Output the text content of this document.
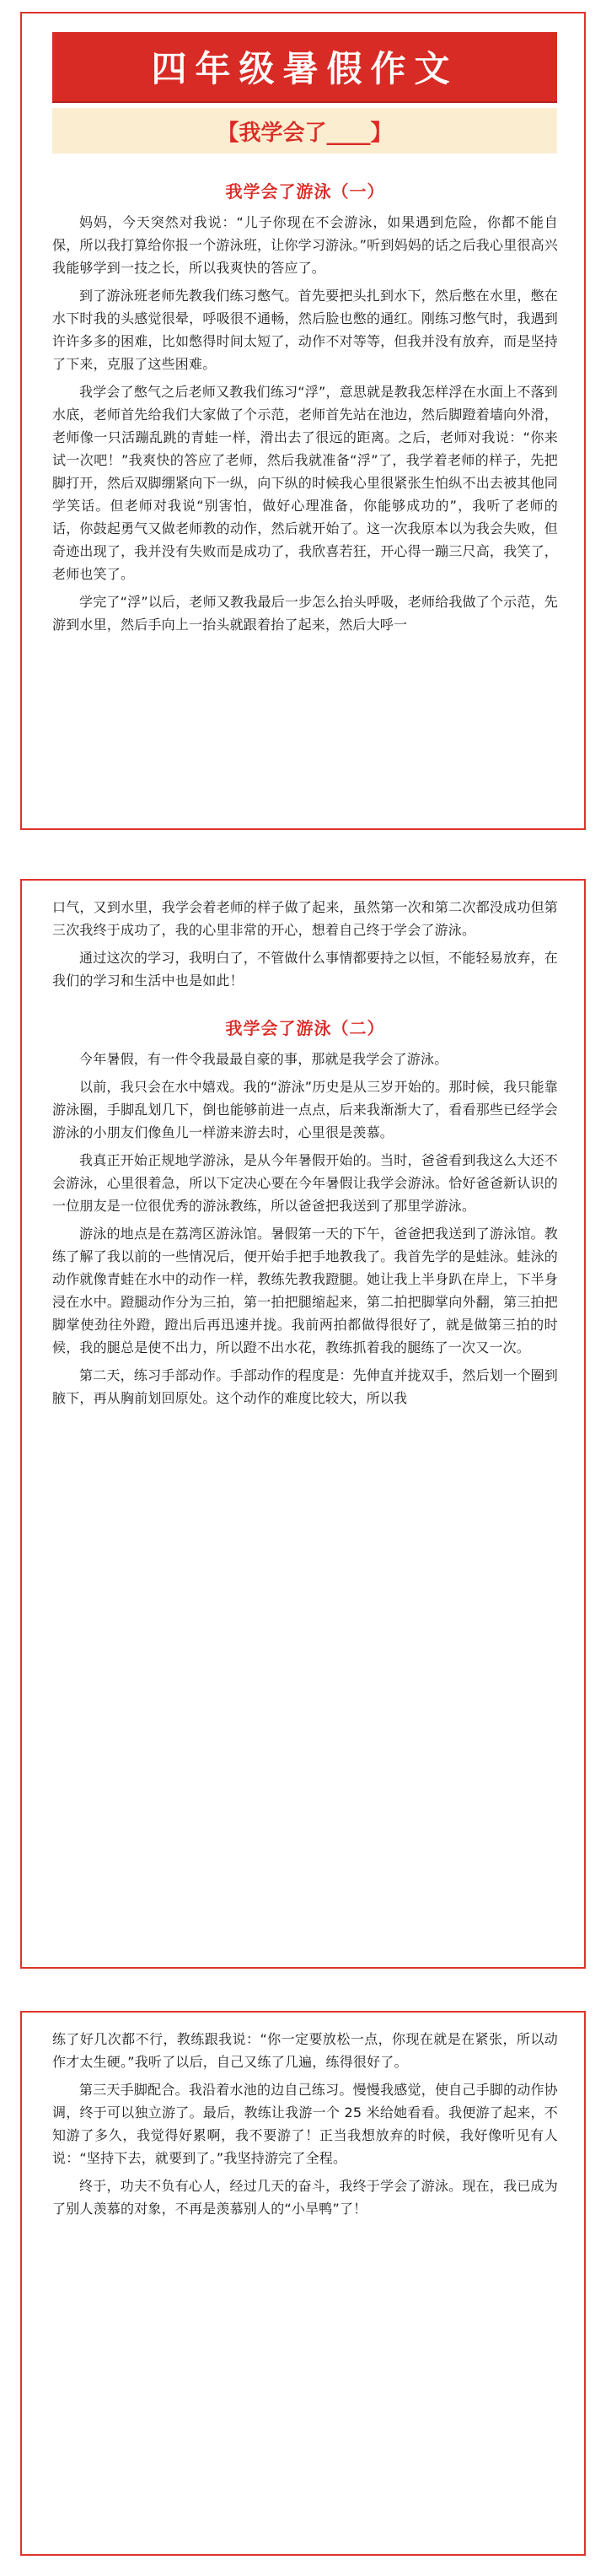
四年级暑假作文
【我学会了____】
我学会了游泳（一）

妈妈，今天突然对我说：“儿子你现在不会游泳，如果遇到危险，你都不能自保，所以我打算给你报一个游泳班，让你学习游泳。”听到妈妈的话之后我心里很高兴我能够学到一技之长，所以我爽快的答应了。

到了游泳班老师先教我们练习憋气。首先要把头扎到水下，然后憋在水里，憋在水下时我的头感觉很晕，呼吸很不通畅，然后脸也憋的通红。刚练习憋气时，我遇到许许多多的困难，比如憋得时间太短了，动作不对等等，但我并没有放弃，而是坚持了下来，克服了这些困难。

我学会了憋气之后老师又教我们练习“浮”，意思就是教我怎样浮在水面上不落到水底，老师首先给我们大家做了个示范，老师首先站在池边，然后脚蹬着墙向外滑，老师像一只活蹦乱跳的青蛙一样，滑出去了很远的距离。之后，老师对我说：“你来试一次吧！”我爽快的答应了老师，然后我就准备“浮”了，我学着老师的样子，先把脚打开，然后双脚绷紧向下一纵，向下纵的时候我心里很紧张生怕纵不出去被其他同学笑话。但老师对我说“别害怕，做好心理准备，你能够成功的”，我听了老师的话，你鼓起勇气又做老师教的动作，然后就开始了。这一次我原本以为我会失败，但奇迹出现了，我并没有失败而是成功了，我欣喜若狂，开心得一蹦三尺高，我笑了，老师也笑了。

学完了“浮”以后，老师又教我最后一步怎么抬头呼吸，老师给我做了个示范，先游到水里，然后手向上一抬头就跟着抬了起来，然后大呼一

口气，又到水里，我学会着老师的样子做了起来，虽然第一次和第二次都没成功但第三次我终于成功了，我的心里非常的开心，想着自己终于学会了游泳。

通过这次的学习，我明白了，不管做什么事情都要持之以恒，不能轻易放弃，在我们的学习和生活中也是如此！

我学会了游泳（二）

今年暑假，有一件令我最最自豪的事，那就是我学会了游泳。

以前，我只会在水中嬉戏。我的“游泳”历史是从三岁开始的。那时候，我只能靠游泳圈，手脚乱划几下，倒也能够前进一点点，后来我渐渐大了，看看那些已经学会游泳的小朋友们像鱼儿一样游来游去时，心里很是羡慕。

我真正开始正规地学游泳，是从今年暑假开始的。当时，爸爸看到我这么大还不会游泳，心里很着急，所以下定决心要在今年暑假让我学会游泳。恰好爸爸新认识的一位朋友是一位很优秀的游泳教练，所以爸爸把我送到了那里学游泳。

游泳的地点是在荔湾区游泳馆。暑假第一天的下午，爸爸把我送到了游泳馆。教练了解了我以前的一些情况后，便开始手把手地教我了。我首先学的是蛙泳。蛙泳的动作就像青蛙在水中的动作一样，教练先教我蹬腿。她让我上半身趴在岸上，下半身浸在水中。蹬腿动作分为三拍，第一拍把腿缩起来，第二拍把脚掌向外翻，第三拍把脚掌使劲往外蹬，蹬出后再迅速并拢。我前两拍都做得很好了，就是做第三拍的时候，我的腿总是使不出力，所以蹬不出水花，教练抓着我的腿练了一次又一次。

第二天，练习手部动作。手部动作的程度是：先伸直并拢双手，然后划一个圈到腋下，再从胸前划回原处。这个动作的难度比较大，所以我

练了好几次都不行，教练跟我说：“你一定要放松一点，你现在就是在紧张，所以动作才太生硬。”我听了以后，自己又练了几遍，练得很好了。

第三天手脚配合。我沿着水池的边自己练习。慢慢我感觉，使自己手脚的动作协调，终于可以独立游了。最后，教练让我游一个 25 米给她看看。我便游了起来，不知游了多久，我觉得好累啊，我不要游了！正当我想放弃的时候，我好像听见有人说：“坚持下去，就要到了。”我坚持游完了全程。

终于，功夫不负有心人，经过几天的奋斗，我终于学会了游泳。现在，我已成为了别人羡慕的对象，不再是羡慕别人的“小旱鸭”了！
